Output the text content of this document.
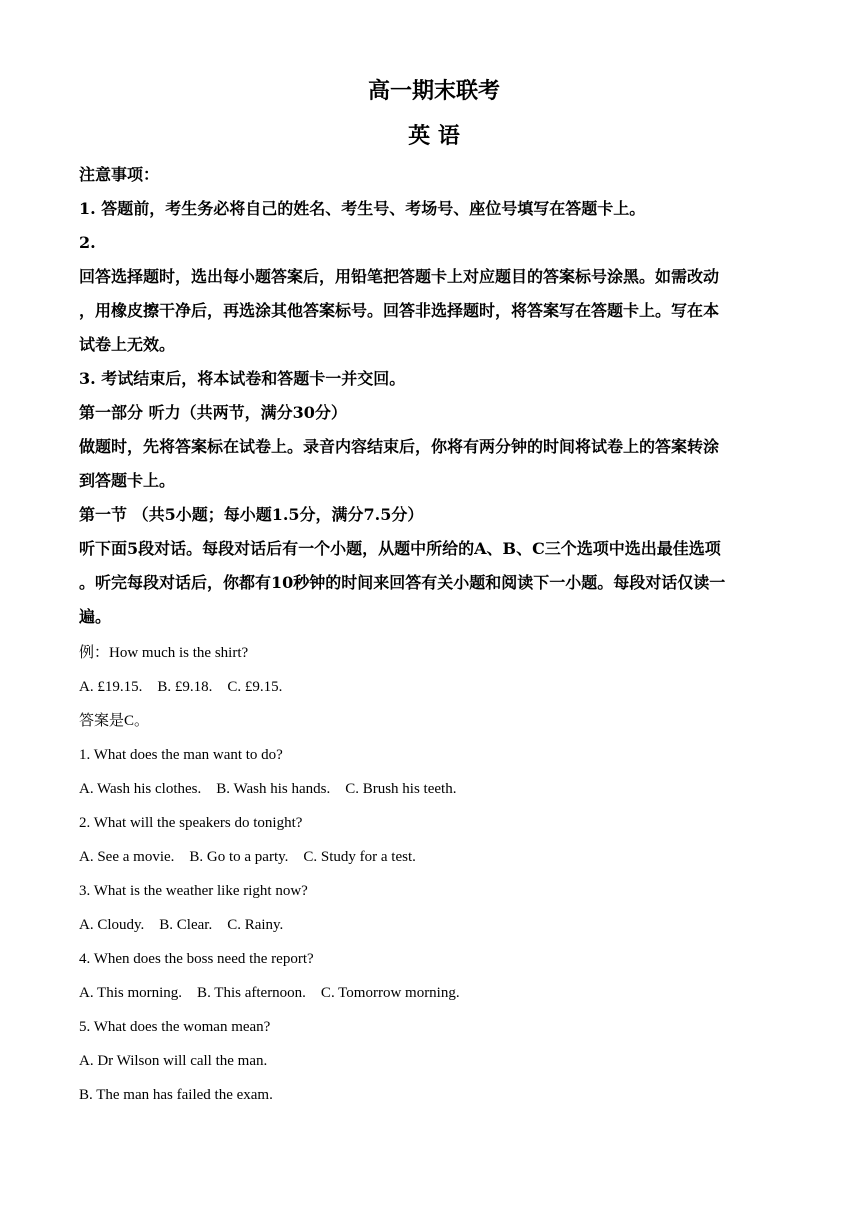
高一期末联考
英 语
注意事项：
1. 答题前，考生务必将自己的姓名、考生号、考场号、座位号填写在答题卡上。
2.
回答选择题时，选出每小题答案后，用铅笔把答题卡上对应题目的答案标号涂黑。如需改动
，用橡皮擦干净后，再选涂其他答案标号。回答非选择题时，将答案写在答题卡上。写在本
试卷上无效。
3. 考试结束后，将本试卷和答题卡一并交回。
第一部分 听力（共两节，满分30分）
做题时，先将答案标在试卷上。录音内容结束后，你将有两分钟的时间将试卷上的答案转涂
到答题卡上。
第一节 （共5小题；每小题1.5分，满分7.5分）
听下面5段对话。每段对话后有一个小题，从题中所给的A、B、C三个选项中选出最佳选项
。听完每段对话后，你都有10秒钟的时间来回答有关小题和阅读下一小题。每段对话仅读一
遍。
例：How much is the shirt?
A. £19.15.    B. £9.18.    C. £9.15.
答案是C。
1. What does the man want to do?
A. Wash his clothes.    B. Wash his hands.    C. Brush his teeth.
2. What will the speakers do tonight?
A. See a movie.    B. Go to a party.    C. Study for a test.
3. What is the weather like right now?
A. Cloudy.    B. Clear.    C. Rainy.
4. When does the boss need the report?
A. This morning.    B. This afternoon.    C. Tomorrow morning.
5. What does the woman mean?
A. Dr Wilson will call the man.
B. The man has failed the exam.
